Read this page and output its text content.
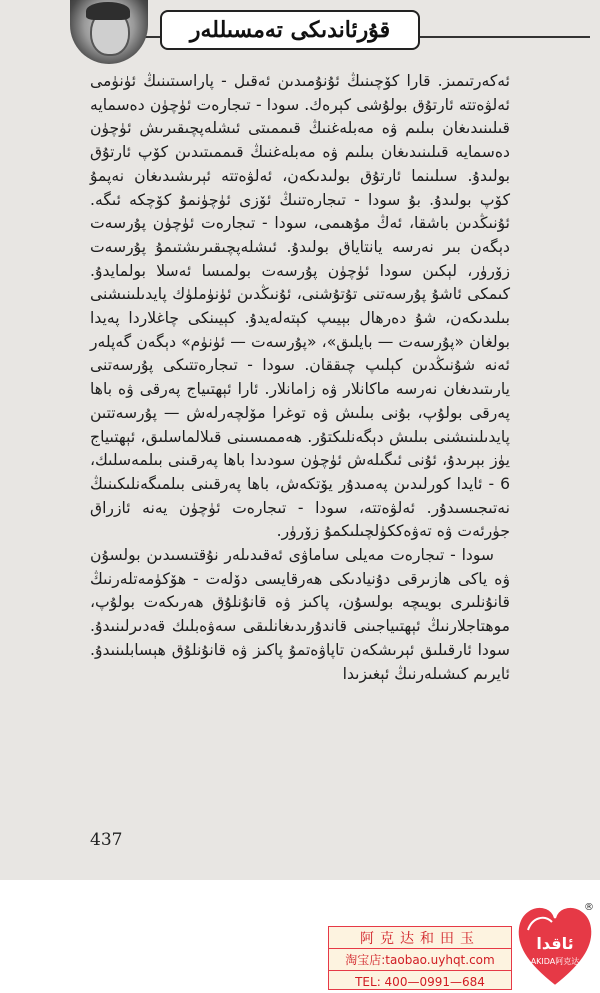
قۇرئاندىكى تەمسىللەر

ئەكەرتىمىز. قارا كۆچىنىڭ ئۇنۇمىدىن ئەقىل - پاراسىتىنىڭ ئۈنۈمى ئەلۋەتتە ئارتۇق بولۇشى كېرەك. سودا - تىجارەت ئۈچۈن دەسمايە قىلىنىدىغان بىلىم ۋە مەبلەغنىڭ قىممىتى ئىشلەپچىقىرىش ئۈچۈن دەسمايە قىلىنىدىغان بىلىم ۋە مەبلەغنىڭ قىممىتىدىن كۆپ ئارتۇق بولىدۇ. سىلىنما ئارتۇق بولىدىكەن، ئەلۋەتتە ئېرىشىدىغان نەپمۇ كۆپ بولىدۇ. بۇ سودا - تىجارەتنىڭ ئۆزى ئۈچۈنمۇ كۆچكە ئىگە. ئۇنىڭدىن باشقا، ئەڭ مۇھىمى، سودا - تىجارەت ئۈچۈن پۇرسەت دېگەن بىر نەرسە يانتاياق بولىدۇ. ئىشلەپچىقىرىشتىمۇ پۇرسەت زۆرۈر، لېكىن سودا ئۈچۈن پۇرسەت بولمىسا ئەسلا بولمايدۇ. كىمكى ئاشۇ پۇرسەتنى تۇتۇشنى، ئۇنىڭدىن ئۈنۈملۈك پايدىلىنىشنى بىلىدىكەن، شۇ دەرھال بېيىپ كېتەلەيدۇ. كېيىنكى چاغلاردا پەيدا بولغان «پۇرسەت — بايلىق»، «پۇرسەت — ئۈنۈم» دېگەن گەپلەر ئەنە شۇنىڭدىن كېلىپ چىققان. سودا - تىجارەتتىكى پۇرسەتنى يارىتىدىغان نەرسە ماكانلار ۋە زامانلار. ئارا ئېھتىياج پەرقى ۋە باھا پەرقى بولۇپ، بۇنى بىلىش ۋە توغرا مۆلچەرلەش — پۇرسەتتىن پايدىلىنىشنى بىلىش دېگەنلىكتۇر. ھەممىسىنى قىلالماسلىق، ئېھتىياج يۈز بېرىدۇ، ئۇنى ئىگىلەش ئۈچۈن سودىدا باھا پەرقىنى بىلمەسلىك، 6 - ئايدا كورلىدىن پەمىدۇر يۆتكەش، باھا پەرقىنى بىلمىگەنلىكىنىڭ نەتىجىسىدۇر. ئەلۋەتتە، سودا - تىجارەت ئۈچۈن يەنە ئازراق جۈرئەت ۋە تەۋەككۈلچىلىكمۇ زۆرۈر.

سودا - تىجارەت مەيلى ساماۋى ئەقىدىلەر نۇقتىسىدىن بولسۇن ۋە ياكى ھازىرقى دۇنيادىكى ھەرقايسى دۆلەت - ھۆكۈمەتلەرنىڭ قانۇنلىرى بويىچە بولسۇن، پاكىز ۋە قانۇنلۇق ھەرىكەت بولۇپ، موھتاجلارنىڭ ئېھتىياجىنى قاندۇرىدىغانلىقى سەۋەبلىك قەدىرلىنىدۇ. سودا ئارقىلىق ئېرىشكەن تاپاۋەتمۇ پاكىز ۋە قانۇنلۇق ھېسابلىنىدۇ. ئايرىم كىشىلەرنىڭ ئېغىزىدا

437
阿克达和田玉
淘宝店:taobao.uyhqt.com
TEL: 400—0991—684
ئاقدا
AKIDA阿克达
®
